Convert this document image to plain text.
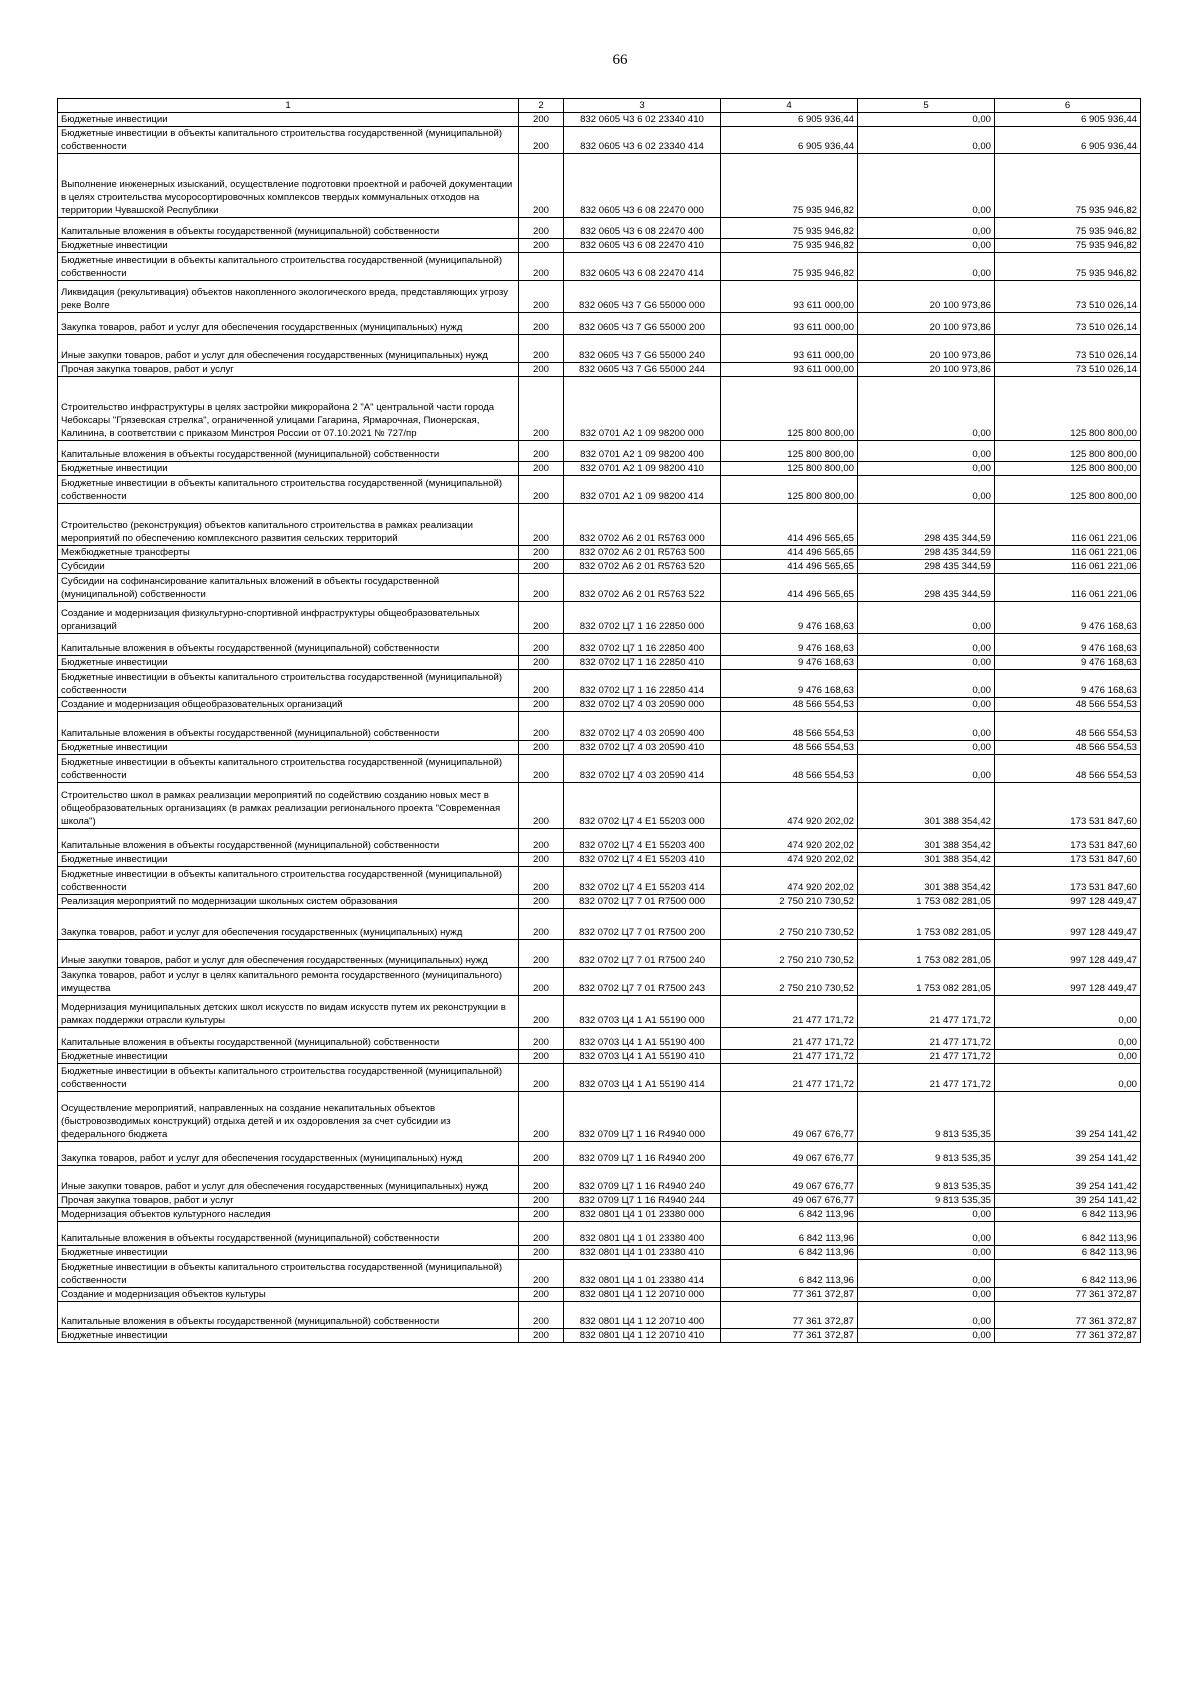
66
1	2	3	4	5	6
Бюджетные инвестиции	200	832 0605 Ч3 6 02 23340 410	6 905 936,44	0,00	6 905 936,44
Бюджетные инвестиции в объекты капитального строительства государственной (муниципальной) собственности	200	832 0605 Ч3 6 02 23340 414	6 905 936,44	0,00	6 905 936,44
Выполнение инженерных изысканий, осуществление подготовки проектной и рабочей документации в целях строительства мусоросортировочных комплексов твердых коммунальных отходов на территории Чувашской Республики	200	832 0605 Ч3 6 08 22470 000	75 935 946,82	0,00	75 935 946,82
Капитальные вложения в объекты государственной (муниципальной) собственности	200	832 0605 Ч3 6 08 22470 400	75 935 946,82	0,00	75 935 946,82
Бюджетные инвестиции	200	832 0605 Ч3 6 08 22470 410	75 935 946,82	0,00	75 935 946,82
Бюджетные инвестиции в объекты капитального строительства государственной (муниципальной) собственности	200	832 0605 Ч3 6 08 22470 414	75 935 946,82	0,00	75 935 946,82
Ликвидация (рекультивация) объектов накопленного экологического вреда, представляющих угрозу реке Волге	200	832 0605 Ч3 7 G6 55000 000	93 611 000,00	20 100 973,86	73 510 026,14
Закупка товаров, работ и услуг для обеспечения государственных (муниципальных) нужд	200	832 0605 Ч3 7 G6 55000 200	93 611 000,00	20 100 973,86	73 510 026,14
Иные закупки товаров, работ и услуг для обеспечения государственных (муниципальных) нужд	200	832 0605 Ч3 7 G6 55000 240	93 611 000,00	20 100 973,86	73 510 026,14
Прочая закупка товаров, работ и услуг	200	832 0605 Ч3 7 G6 55000 244	93 611 000,00	20 100 973,86	73 510 026,14
Строительство инфраструктуры в целях застройки микрорайона 2 "А" центральной части города Чебоксары "Грязевская стрелка", ограниченной улицами Гагарина, Ярмарочная, Пионерская, Калинина, в соответствии с приказом Минстроя России от 07.10.2021 № 727/пр	200	832 0701 А2 1 09 98200 000	125 800 800,00	0,00	125 800 800,00
Капитальные вложения в объекты государственной (муниципальной) собственности	200	832 0701 А2 1 09 98200 400	125 800 800,00	0,00	125 800 800,00
Бюджетные инвестиции	200	832 0701 А2 1 09 98200 410	125 800 800,00	0,00	125 800 800,00
Бюджетные инвестиции в объекты капитального строительства государственной (муниципальной) собственности	200	832 0701 А2 1 09 98200 414	125 800 800,00	0,00	125 800 800,00
Строительство (реконструкция) объектов капитального строительства в рамках реализации мероприятий по обеспечению комплексного развития сельских территорий	200	832 0702 А6 2 01 R5763 000	414 496 565,65	298 435 344,59	116 061 221,06
Межбюджетные трансферты	200	832 0702 А6 2 01 R5763 500	414 496 565,65	298 435 344,59	116 061 221,06
Субсидии	200	832 0702 А6 2 01 R5763 520	414 496 565,65	298 435 344,59	116 061 221,06
Субсидии на софинансирование капитальных вложений в объекты государственной (муниципальной) собственности	200	832 0702 А6 2 01 R5763 522	414 496 565,65	298 435 344,59	116 061 221,06
Создание и модернизация физкультурно-спортивной инфраструктуры общеобразовательных организаций	200	832 0702 Ц7 1 16 22850 000	9 476 168,63	0,00	9 476 168,63
Капитальные вложения в объекты государственной (муниципальной) собственности	200	832 0702 Ц7 1 16 22850 400	9 476 168,63	0,00	9 476 168,63
Бюджетные инвестиции	200	832 0702 Ц7 1 16 22850 410	9 476 168,63	0,00	9 476 168,63
Бюджетные инвестиции в объекты капитального строительства государственной (муниципальной) собственности	200	832 0702 Ц7 1 16 22850 414	9 476 168,63	0,00	9 476 168,63
Создание и модернизация общеобразовательных организаций	200	832 0702 Ц7 4 03 20590 000	48 566 554,53	0,00	48 566 554,53
Капитальные вложения в объекты государственной (муниципальной) собственности	200	832 0702 Ц7 4 03 20590 400	48 566 554,53	0,00	48 566 554,53
Бюджетные инвестиции	200	832 0702 Ц7 4 03 20590 410	48 566 554,53	0,00	48 566 554,53
Бюджетные инвестиции в объекты капитального строительства государственной (муниципальной) собственности	200	832 0702 Ц7 4 03 20590 414	48 566 554,53	0,00	48 566 554,53
Строительство школ в рамках реализации мероприятий по содействию созданию новых мест в общеобразовательных организациях (в рамках реализации регионального проекта "Современная школа")	200	832 0702 Ц7 4 E1 55203 000	474 920 202,02	301 388 354,42	173 531 847,60
Капитальные вложения в объекты государственной (муниципальной) собственности	200	832 0702 Ц7 4 E1 55203 400	474 920 202,02	301 388 354,42	173 531 847,60
Бюджетные инвестиции	200	832 0702 Ц7 4 E1 55203 410	474 920 202,02	301 388 354,42	173 531 847,60
Бюджетные инвестиции в объекты капитального строительства государственной (муниципальной) собственности	200	832 0702 Ц7 4 E1 55203 414	474 920 202,02	301 388 354,42	173 531 847,60
Реализация мероприятий по модернизации школьных систем образования	200	832 0702 Ц7 7 01 R7500 000	2 750 210 730,52	1 753 082 281,05	997 128 449,47
Закупка товаров, работ и услуг для обеспечения государственных (муниципальных) нужд	200	832 0702 Ц7 7 01 R7500 200	2 750 210 730,52	1 753 082 281,05	997 128 449,47
Иные закупки товаров, работ и услуг для обеспечения государственных (муниципальных) нужд	200	832 0702 Ц7 7 01 R7500 240	2 750 210 730,52	1 753 082 281,05	997 128 449,47
Закупка товаров, работ и услуг в целях капитального ремонта государственного (муниципального) имущества	200	832 0702 Ц7 7 01 R7500 243	2 750 210 730,52	1 753 082 281,05	997 128 449,47
Модернизация муниципальных детских школ искусств по видам искусств путем их реконструкции в рамках поддержки отрасли культуры	200	832 0703 Ц4 1 A1 55190 000	21 477 171,72	21 477 171,72	0,00
Капитальные вложения в объекты государственной (муниципальной) собственности	200	832 0703 Ц4 1 A1 55190 400	21 477 171,72	21 477 171,72	0,00
Бюджетные инвестиции	200	832 0703 Ц4 1 A1 55190 410	21 477 171,72	21 477 171,72	0,00
Бюджетные инвестиции в объекты капитального строительства государственной (муниципальной) собственности	200	832 0703 Ц4 1 A1 55190 414	21 477 171,72	21 477 171,72	0,00
Осуществление мероприятий, направленных на создание некапитальных объектов (быстровозводимых конструкций) отдыха детей и их оздоровления за счет субсидии из федерального бюджета	200	832 0709 Ц7 1 16 R4940 000	49 067 676,77	9 813 535,35	39 254 141,42
Закупка товаров, работ и услуг для обеспечения государственных (муниципальных) нужд	200	832 0709 Ц7 1 16 R4940 200	49 067 676,77	9 813 535,35	39 254 141,42
Иные закупки товаров, работ и услуг для обеспечения государственных (муниципальных) нужд	200	832 0709 Ц7 1 16 R4940 240	49 067 676,77	9 813 535,35	39 254 141,42
Прочая закупка товаров, работ и услуг	200	832 0709 Ц7 1 16 R4940 244	49 067 676,77	9 813 535,35	39 254 141,42
Модернизация объектов культурного наследия	200	832 0801 Ц4 1 01 23380 000	6 842 113,96	0,00	6 842 113,96
Капитальные вложения в объекты государственной (муниципальной) собственности	200	832 0801 Ц4 1 01 23380 400	6 842 113,96	0,00	6 842 113,96
Бюджетные инвестиции	200	832 0801 Ц4 1 01 23380 410	6 842 113,96	0,00	6 842 113,96
Бюджетные инвестиции в объекты капитального строительства государственной (муниципальной) собственности	200	832 0801 Ц4 1 01 23380 414	6 842 113,96	0,00	6 842 113,96
Создание и модернизация объектов культуры	200	832 0801 Ц4 1 12 20710 000	77 361 372,87	0,00	77 361 372,87
Капитальные вложения в объекты государственной (муниципальной) собственности	200	832 0801 Ц4 1 12 20710 400	77 361 372,87	0,00	77 361 372,87
Бюджетные инвестиции	200	832 0801 Ц4 1 12 20710 410	77 361 372,87	0,00	77 361 372,87
